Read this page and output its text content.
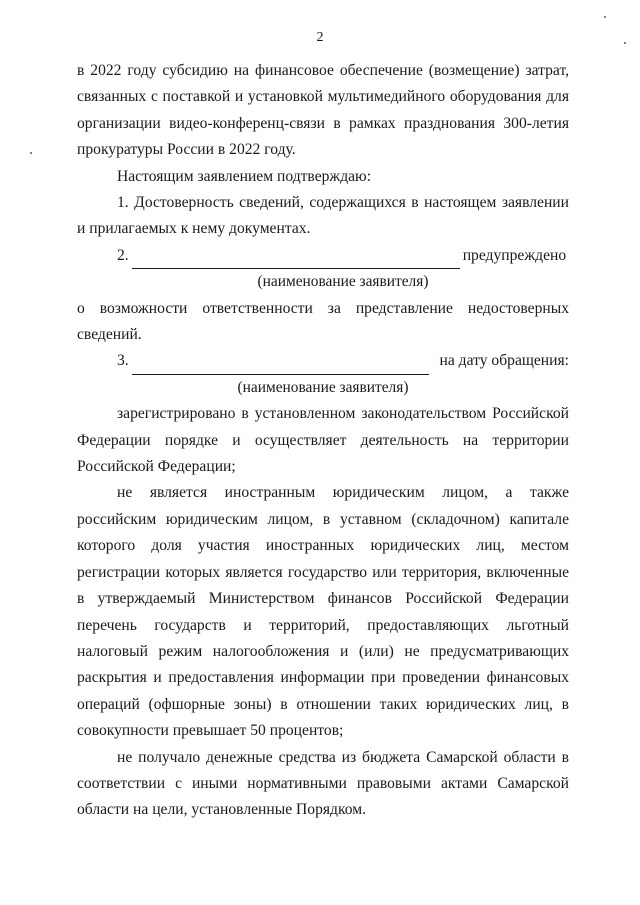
2

в 2022 году субсидию на финансовое обеспечение (возмещение) затрат, связанных с поставкой и установкой мультимедийного оборудования для организации видео-конференц-связи в рамках празднования 300-летия прокуратуры России в 2022 году.

Настоящим заявлением подтверждаю:

1. Достоверность сведений, содержащихся в настоящем заявлении и прилагаемых к нему документах.

2.	предупреждено
(наименование заявителя)

о возможности ответственности за представление недостоверных сведений.

3.	на дату обращения:
(наименование заявителя)

зарегистрировано в установленном законодательством Российской Федерации порядке и осуществляет деятельность на территории Российской Федерации;

не является иностранным юридическим лицом, а также российским юридическим лицом, в уставном (складочном) капитале которого доля участия иностранных юридических лиц, местом регистрации которых является государство или территория, включенные в утверждаемый Министерством финансов Российской Федерации перечень государств и территорий, предоставляющих льготный налоговый режим налогообложения и (или) не предусматривающих раскрытия и предоставления информации при проведении финансовых операций (офшорные зоны) в отношении таких юридических лиц, в совокупности превышает 50 процентов;

не получало денежные средства из бюджета Самарской области в соответствии с иными нормативными правовыми актами Самарской области на цели, установленные Порядком.
